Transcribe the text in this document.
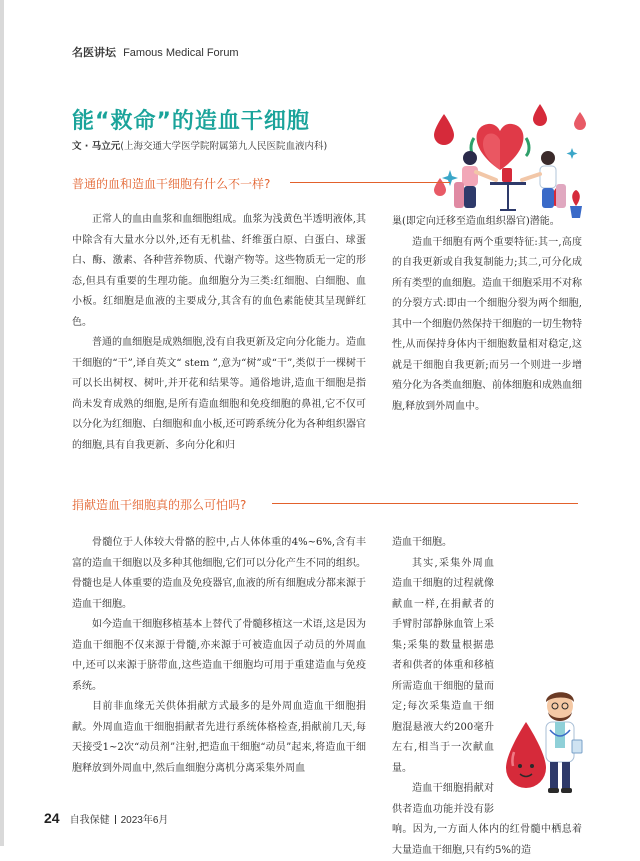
名医讲坛 Famous Medical Forum
能“救命”的造血干细胞
文 · 马立元(上海交通大学医学院附属第九人民医院血液内科)
普通的血和造血干细胞有什么不一样?

正常人的血由血浆和血细胞组成。血浆为浅黄色半透明液体,其中除含有大量水分以外,还有无机盐、纤维蛋白原、白蛋白、球蛋白、酶、激素、各种营养物质、代谢产物等。这些物质无一定的形态,但具有重要的生理功能。血细胞分为三类:红细胞、白细胞、血小板。红细胞是血液的主要成分,其含有的血色素能使其呈现鲜红色。

普通的血细胞是成熟细胞,没有自我更新及定向分化能力。造血干细胞的“干”,译自英文“ stem ”,意为“树”或“干”,类似于一棵树干可以长出树杈、树叶,并开花和结果等。通俗地讲,造血干细胞是指尚未发育成熟的细胞,是所有造血细胞和免疫细胞的鼻祖,它不仅可以分化为红细胞、白细胞和血小板,还可跨系统分化为各种组织器官的细胞,具有自我更新、多向分化和归

巢(即定向迁移至造血组织器官)潜能。

造血干细胞有两个重要特征:其一,高度的自我更新或自我复制能力;其二,可分化成所有类型的血细胞。造血干细胞采用不对称的分裂方式:即由一个细胞分裂为两个细胞,其中一个细胞仍然保持干细胞的一切生物特性,从而保持身体内干细胞数量相对稳定,这就是干细胞自我更新;而另一个则进一步增殖分化为各类血细胞、前体细胞和成熟血细胞,释放到外周血中。

捐献造血干细胞真的那么可怕吗?

骨髓位于人体较大骨骼的腔中,占人体体重的4%~6%,含有丰富的造血干细胞以及多种其他细胞,它们可以分化产生不同的组织。骨髓也是人体重要的造血及免疫器官,血液的所有细胞成分都来源于造血干细胞。

如今造血干细胞移植基本上替代了骨髓移植这一术语,这是因为造血干细胞不仅来源于骨髓,亦来源于可被造血因子动员的外周血中,还可以来源于脐带血,这些造血干细胞均可用于重建造血与免疫系统。

目前非血缘无关供体捐献方式最多的是外周血造血干细胞捐献。外周血造血干细胞捐献者先进行系统体格检查,捐献前几天,每天接受1~2次“动员剂”注射,把造血干细胞“动员”起来,将造血干细胞释放到外周血中,然后血细胞分离机分离采集外周血

造血干细胞。

其实,采集外周血造血干细胞的过程就像献血一样,在捐献者的手臂肘部静脉血管上采集;采集的数量根据患者和供者的体重和移植所需造血干细胞的量而定;每次采集造血干细胞混悬液大约200毫升左右,相当于一次献血量。

造血干细胞捐献对供者造血功能并没有影响。因为,一方面人体内的红骨髓中栖息着大量造血干细胞,只有约5%的造

24 自我保健 2023年6月
